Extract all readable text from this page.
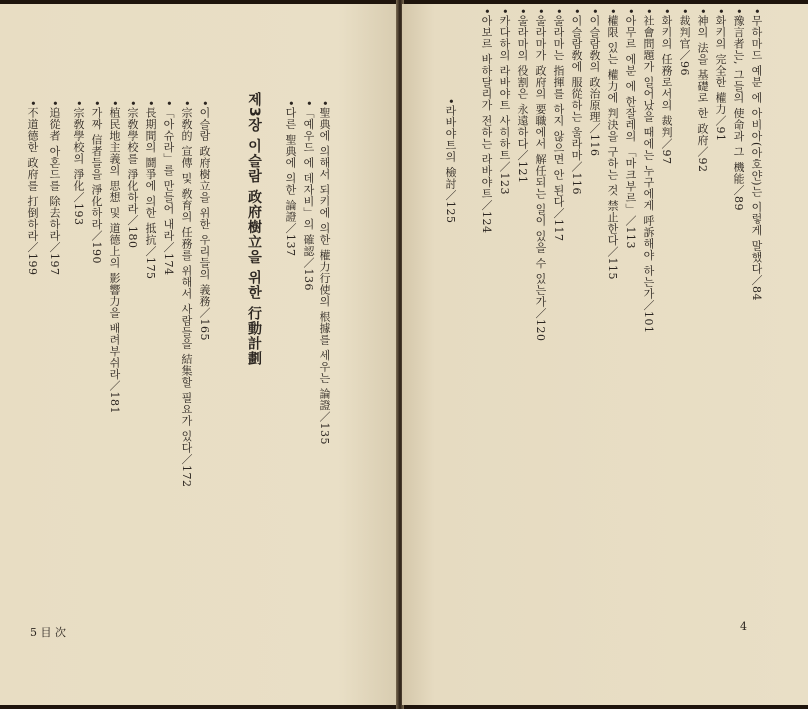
제3장 이슬람 政府樹立을 위한 行動計劃	•聖典에 의해서 되키에 의한 權力行使의 根據를 세우는 論證／135
•「예우드 에 데자비」의 確認／136
•다른 聖典에 의한 論證／137
•이슬람 政府樹立을 위한 우리들의 義務／165
•宗敎的 宣傳 및 敎育의 任務를 위해서 사람들을 結集할 필요가 있다／172
•「아슈라」를 만들어 내라／174
•長期間의 鬪爭에 의한 抵抗／175
•宗敎學校를 淨化하라／180
•植民地主義의 思想 및 道德上의 影響力을 배려부쉬라／181
•가짜 信者들을 淨化하라／190
•宗敎學校의 淨化／193
•追從者 아혼드를 除去하라／197
•不道德한 政府를 打倒하라／199
5 目 次
•무하마드 예분 에 아비아(아호얀)는 이렇게 말했다／84
•豫言者는, 그들의 使命과 그 機能／89
•화키의 完全한 權力／91
•神의 法을 基礎로 한 政府／92
•裁判官／96
•화키의 任務로서의 裁判／97
•社會問題가 일어났을 때에는 누구에게 呼訴해야 하는가／101
•아무르 에분 에 한잘레의 「마크부르」／113
•權限 있는 權力에 判決을 구하는 것 禁止한다／115
•이슬람敎의 政治原理／116
•이슬람敎에 服從하는 울라마／116
•울라마는 指揮를 하지 않으면 안 된다／117
•울라마가 政府의 要職에서 解任되는 일이 있을 수 있는가／120
•울라마의 役割은 永遠하다／121
•카다하의 라바야트 사히하트／123
•아보르 바하달리가 전하는 라바야트／124
•라바야트의 檢討／125
4
